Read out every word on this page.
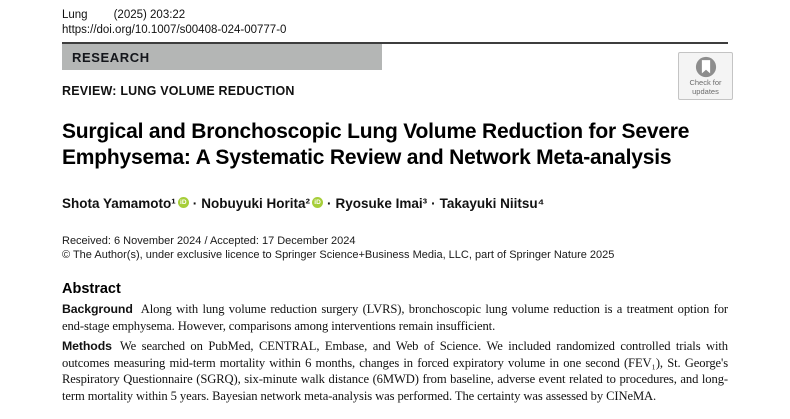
Lung (2025) 203:22
https://doi.org/10.1007/s00408-024-00777-0
RESEARCH
REVIEW: LUNG VOLUME REDUCTION
Surgical and Bronchoscopic Lung Volume Reduction for Severe
Emphysema: A Systematic Review and Network Meta-analysis
Shota Yamamoto¹ iD · Nobuyuki Horita² iD · Ryosuke Imai³ · Takayuki Niitsu⁴
Received: 6 November 2024 / Accepted: 17 December 2024
© The Author(s), under exclusive licence to Springer Science+Business Media, LLC, part of Springer Nature 2025
Abstract

Background Along with lung volume reduction surgery (LVRS), bronchoscopic lung volume reduction is a treatment option for end-stage emphysema. However, comparisons among interventions remain insufficient.

Methods We searched on PubMed, CENTRAL, Embase, and Web of Science. We included randomized controlled trials with outcomes measuring mid-term mortality within 6 months, changes in forced expiratory volume in one second (FEV₁), St. George's Respiratory Questionnaire (SGRQ), six-minute walk distance (6MWD) from baseline, adverse event related to procedures, and long-term mortality within 5 years. Bayesian network meta-analysis was performed. The certainty was assessed by CINeMA.

Check for
updates
